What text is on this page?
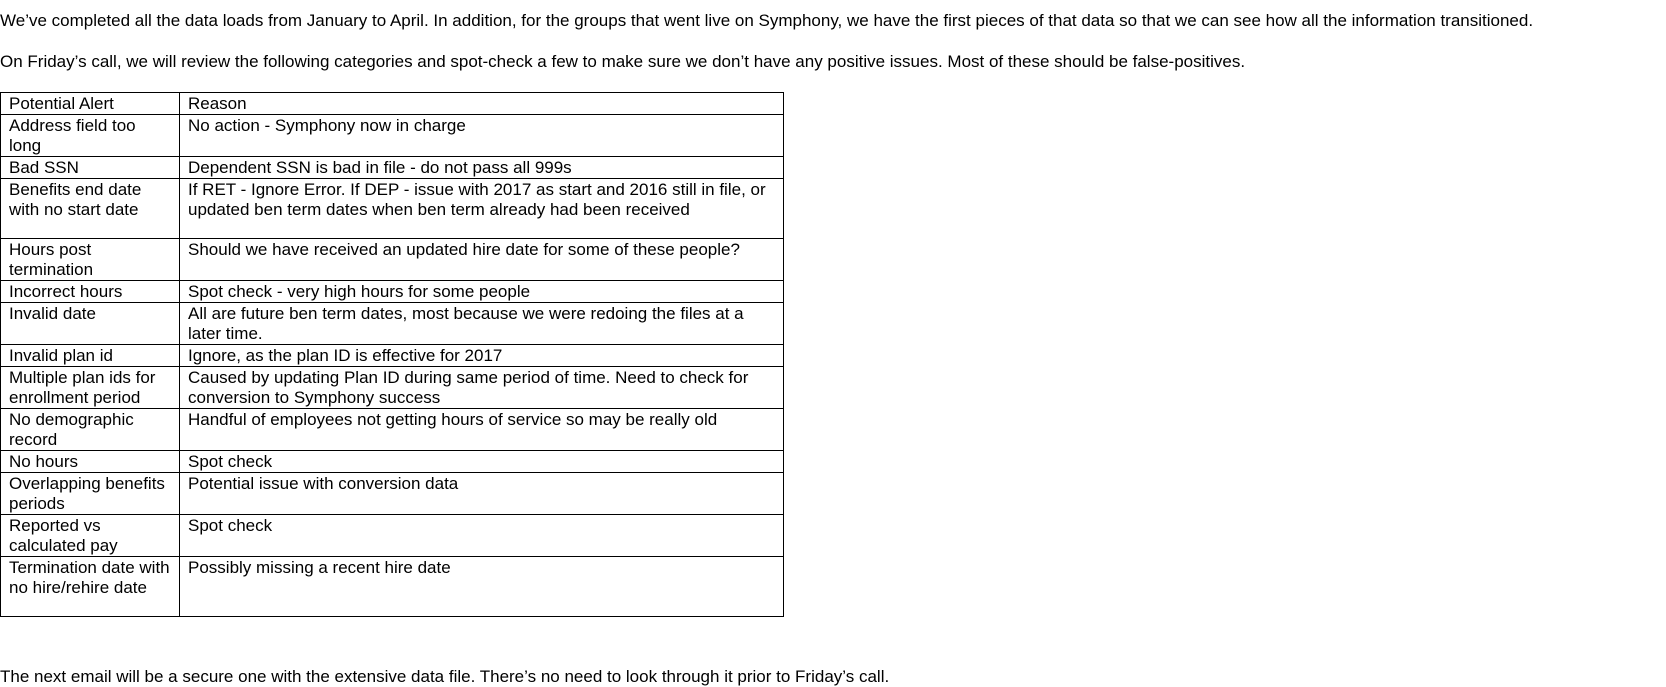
We’ve completed all the data loads from January to April. In addition, for the groups that went live on Symphony, we have the first pieces of that data so that we can see how all the information transitioned.

On Friday’s call, we will review the following categories and spot-check a few to make sure we don’t have any positive issues. Most of these should be false-positives.

Potential Alert	Reason
Address field too long	No action - Symphony now in charge
Bad SSN	Dependent SSN is bad in file - do not pass all 999s
Benefits end date with no start date	If RET - Ignore Error. If DEP - issue with 2017 as start and 2016 still in file, or updated ben term dates when ben term already had been received
Hours post termination	Should we have received an updated hire date for some of these people?
Incorrect hours	Spot check - very high hours for some people
Invalid date	All are future ben term dates, most because we were redoing the files at a later time.
Invalid plan id	Ignore, as the plan ID is effective for 2017
Multiple plan ids for enrollment period	Caused by updating Plan ID during same period of time. Need to check for conversion to Symphony success
No demographic record	Handful of employees not getting hours of service so may be really old
No hours	Spot check
Overlapping benefits periods	Potential issue with conversion data
Reported vs calculated pay	Spot check
Termination date with no hire/rehire date	Possibly missing a recent hire date

The next email will be a secure one with the extensive data file. There’s no need to look through it prior to Friday’s call.
